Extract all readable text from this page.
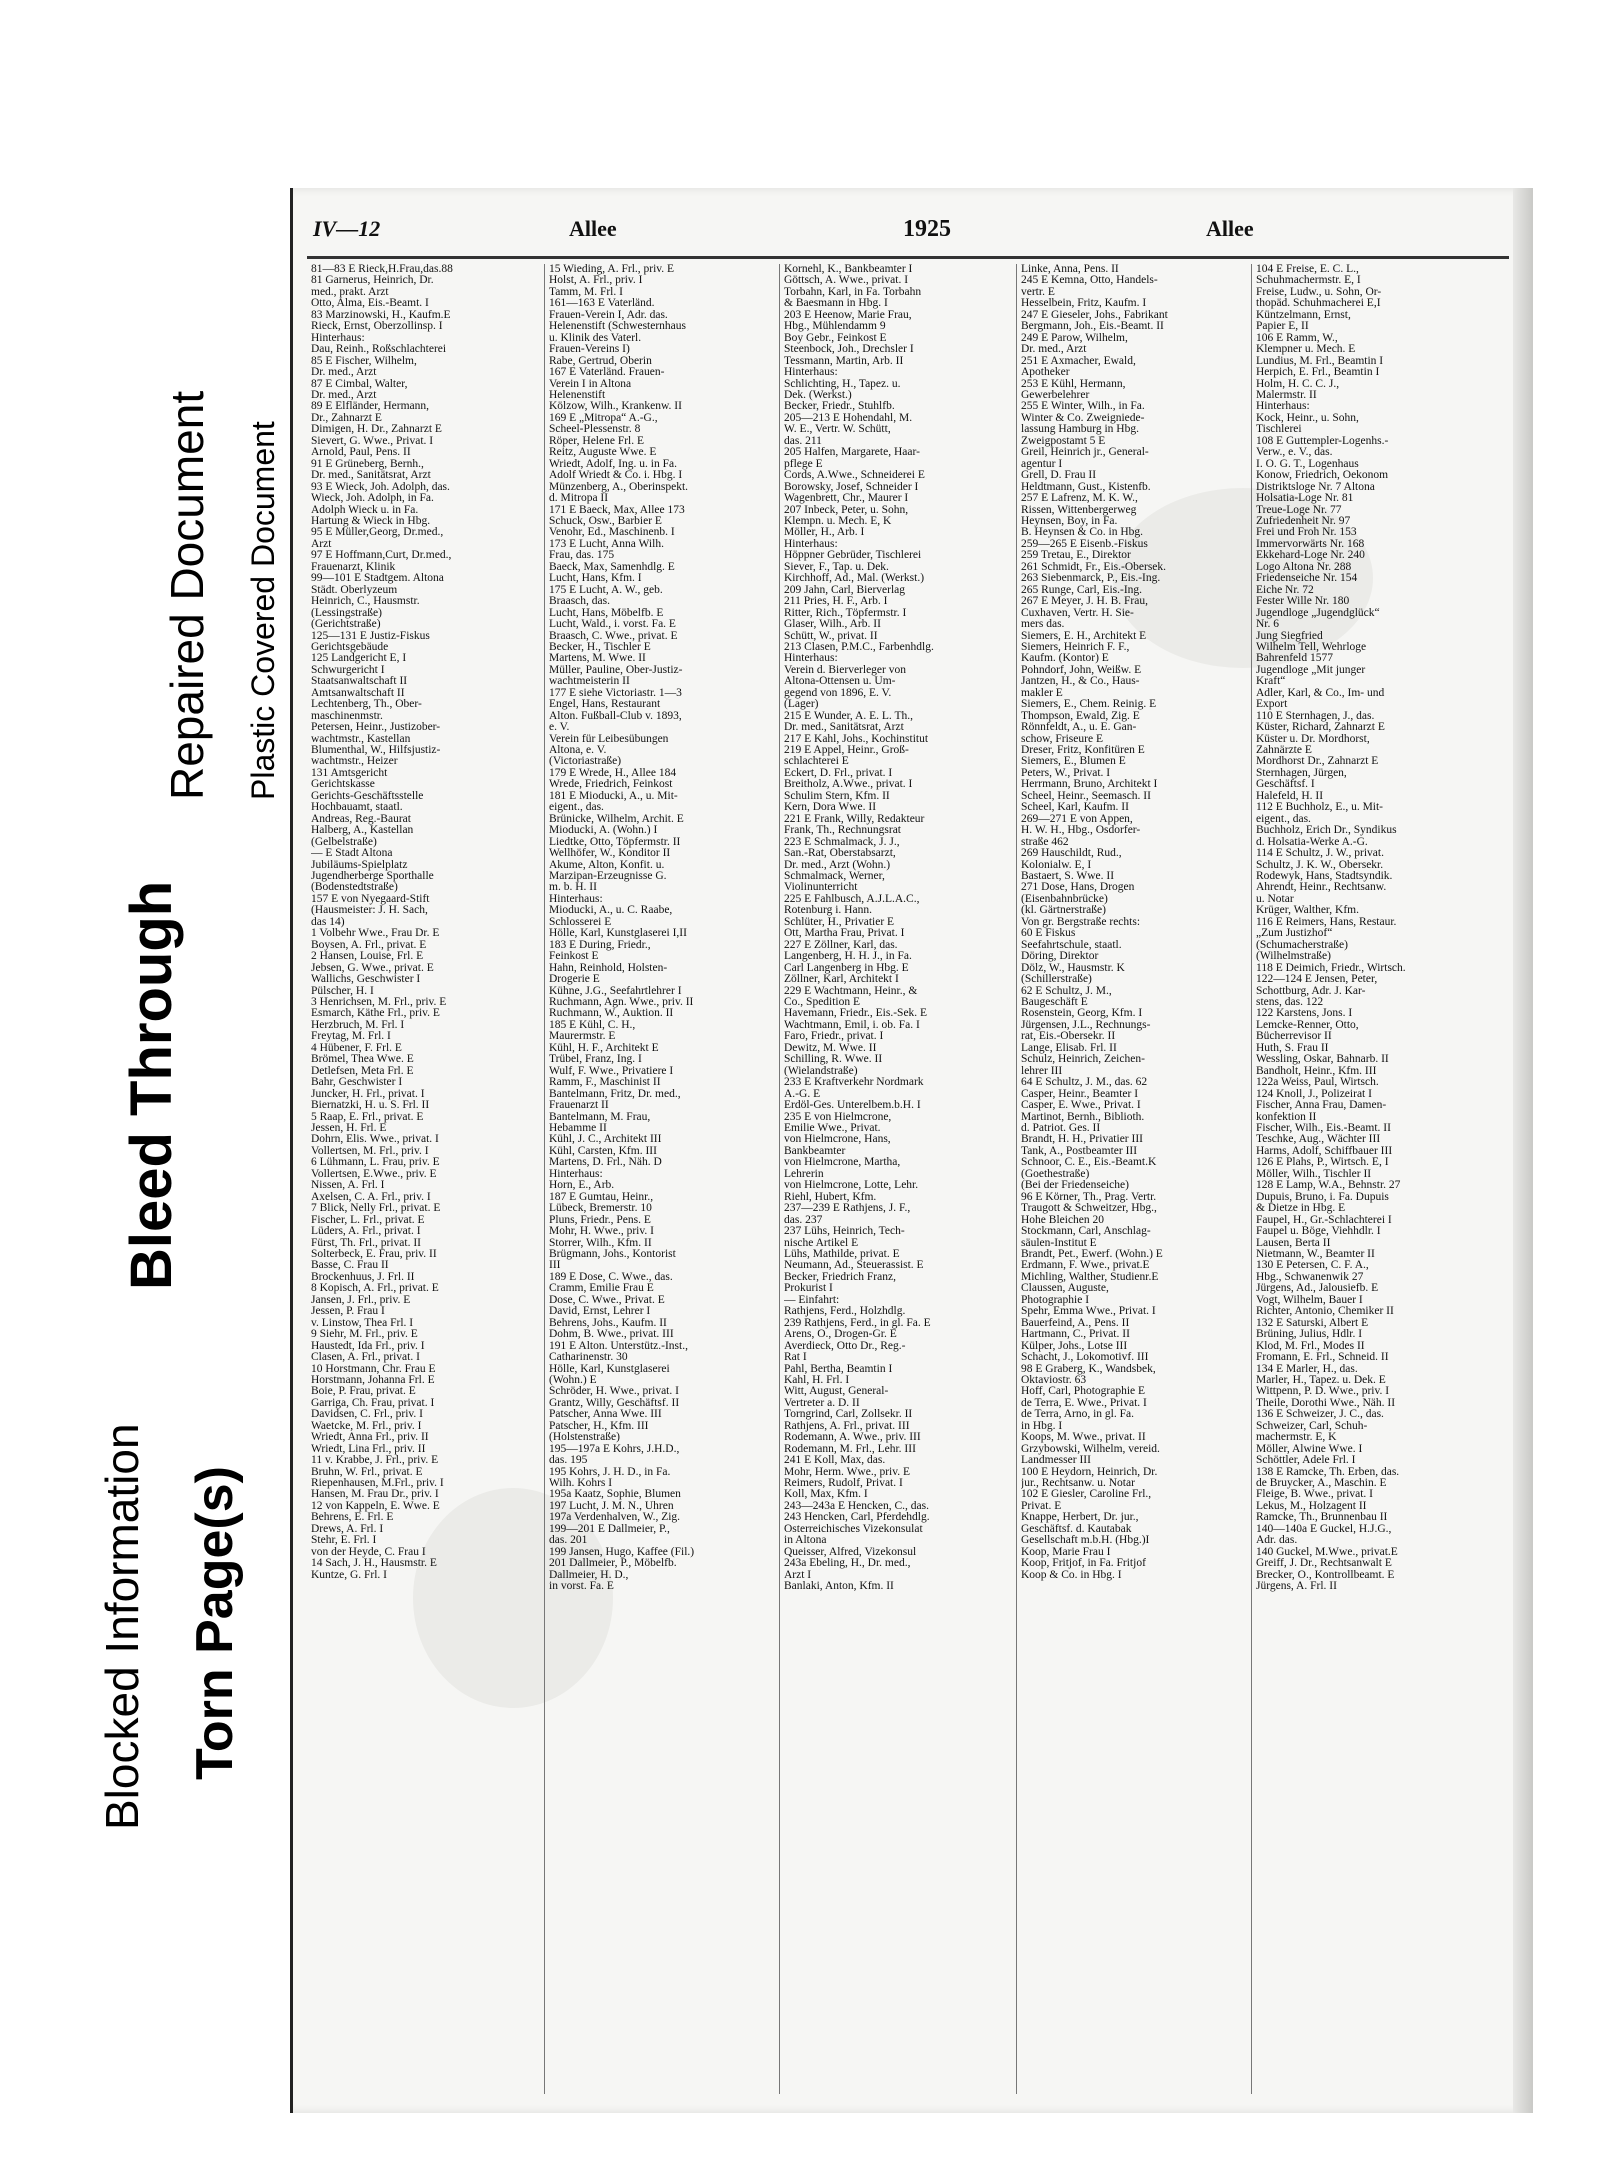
Blocked Information Torn Page(s)
Bleed Through
Repaired Document Plastic Covered Document
IV—12	Allee	1925	Allee
81—83 E Rieck,H.Frau,das.88
81 Garnerus, Heinrich, Dr.
med., prakt. Arzt
Otto, Alma, Eis.-Beamt. I
83 Marzinowski, H., Kaufm.E
Rieck, Ernst, Oberzollinsp. I
Hinterhaus:
Dau, Reinh., Roßschlachterei
85 E Fischer, Wilhelm,
Dr. med., Arzt
87 E Cimbal, Walter,
Dr. med., Arzt
89 E Elfländer, Hermann,
Dr., Zahnarzt E
Dimigen, H. Dr., Zahnarzt E
Sievert, G. Wwe., Privat. I
Arnold, Paul, Pens. II
91 E Grüneberg, Bernh.,
Dr. med., Sanitätsrat, Arzt
93 E Wieck, Joh. Adolph, das.
Wieck, Joh. Adolph, in Fa.
Adolph Wieck u. in Fa.
Hartung & Wieck in Hbg.
95 E Müller,Georg, Dr.med.,
Arzt
97 E Hoffmann,Curt, Dr.med.,
Frauenarzt, Klinik
99—101 E Stadtgem. Altona
Städt. Oberlyzeum
Heinrich, C., Hausmstr.
(Lessingstraße)
(Gerichtstraße)
125—131 E Justiz-Fiskus
Gerichtsgebäude
125 Landgericht E, I
Schwurgericht I
Staatsanwaltschaft II
Amtsanwaltschaft II
Lechtenberg, Th., Ober-
maschinenmstr.
Petersen, Heinr., Justizober-
wachtmstr., Kastellan
Blumenthal, W., Hilfsjustiz-
wachtmstr., Heizer
131 Amtsgericht
Gerichtskasse
Gerichts-Geschäftsstelle
Hochbauamt, staatl.
Andreas, Reg.-Baurat
Halberg, A., Kastellan
(Gelbelstraße)
— E Stadt Altona
Jubiläums-Spielplatz
Jugendherberge Sporthalle
(Bodenstedtstraße)
157 E von Nyegaard-Stift
(Hausmeister: J. H. Sach,
das 14)
1 Volbehr Wwe., Frau Dr. E
Boysen, A. Frl., privat. E
2 Hansen, Louise, Frl. E
Jebsen, G. Wwe., privat. E
Wallichs, Geschwister I
Pülscher, H. I
3 Henrichsen, M. Frl., priv. E
Esmarch, Käthe Frl., priv. E
Herzbruch, M. Frl. I
Freytag, M. Frl. I
4 Hübener, F. Frl. E
Brömel, Thea Wwe. E
Detlefsen, Meta Frl. E
Bahr, Geschwister I
Juncker, H. Frl., privat. I
Biernatzki, H. u. S. Frl. II
5 Raap, E. Frl., privat. E
Jessen, H. Frl. E
Dohrn, Elis. Wwe., privat. I
Vollertsen, M. Frl., priv. I
6 Lühmann, L. Frau, priv. E
Vollertsen, E.Wwe., priv. E
Nissen, A. Frl. I
Axelsen, C. A. Frl., priv. I
7 Blick, Nelly Frl., privat. E
Fischer, L. Frl., privat. E
Lüders, A. Frl., privat. I
Fürst, Th. Frl., privat. II
Solterbeck, E. Frau, priv. II
Basse, C. Frau II
Brockenhuus, J. Frl. II
8 Kopisch, A. Frl., privat. E
Jansen, J. Frl., priv. E
Jessen, P. Frau I
v. Linstow, Thea Frl. I
9 Siehr, M. Frl., priv. E
Haustedt, Ida Frl., priv. I
Clasen, A. Frl., privat. I
10 Horstmann, Chr. Frau E
Horstmann, Johanna Frl. E
Boie, P. Frau, privat. E
Garriga, Ch. Frau, privat. I
Davidsen, C. Frl., priv. I
Waetcke, M. Frl., priv. I
Wriedt, Anna Frl., priv. II
Wriedt, Lina Frl., priv. II
11 v. Krabbe, J. Frl., priv. E
Bruhn, W. Frl., privat. E
Riepenhausen, M.Frl., priv. I
Hansen, M. Frau Dr., priv. I
12 von Kappeln, E. Wwe. E
Behrens, E. Frl. E
Drews, A. Frl. I
Stehr, E. Frl. I
von der Heyde, C. Frau I
14 Sach, J. H., Hausmstr. E
Kuntze, G. Frl. I
15 Wieding, A. Frl., priv. E
Holst, A. Frl., priv. I
Tamm, M. Frl. I
161—163 E Vaterländ.
Frauen-Verein I, Adr. das.
Helenenstift (Schwesternhaus
u. Klinik des Vaterl.
Frauen-Vereins I)
Rabe, Gertrud, Oberin
167 E Vaterländ. Frauen-
Verein I in Altona
Helenenstift
Kölzow, Wilh., Krankenw. II
169 E „Mitropa“ A.-G.,
Scheel-Plessenstr. 8
Röper, Helene Frl. E
Reitz, Auguste Wwe. E
Wriedt, Adolf, Ing. u. in Fa.
Adolf Wriedt & Co. i. Hbg. I
Münzenberg, A., Oberinspekt.
d. Mitropa II
171 E Baeck, Max, Allee 173
Schuck, Osw., Barbier E
Venohr, Ed., Maschinenb. I
173 E Lucht, Anna Wilh.
Frau, das. 175
Baeck, Max, Samenhdlg. E
Lucht, Hans, Kfm. I
175 E Lucht, A. W., geb.
Braasch, das.
Lucht, Hans, Möbelfb. E
Lucht, Wald., i. vorst. Fa. E
Braasch, C. Wwe., privat. E
Becker, H., Tischler E
Martens, M. Wwe. II
Müller, Pauline, Ober-Justiz-
wachtmeisterin II
177 E siehe Victoriastr. 1—3
Engel, Hans, Restaurant
Alton. Fußball-Club v. 1893,
e. V.
Verein für Leibesübungen
Altona, e. V.
(Victoriastraße)
179 E Wrede, H., Allee 184
Wrede, Friedrich, Feinkost
181 E Mioducki, A., u. Mit-
eigent., das.
Brünicke, Wilhelm, Archit. E
Mioducki, A. (Wohn.) I
Liedtke, Otto, Töpfermstr. II
Wellhöfer, W., Konditor II
Akume, Alton, Konfit. u.
Marzipan-Erzeugnisse G.
m. b. H. II
Hinterhaus:
Mioducki, A., u. C. Raabe,
Schlosserei E
Hölle, Karl, Kunstglaserei I,II
183 E During, Friedr.,
Feinkost E
Hahn, Reinhold, Holsten-
Drogerie E
Kühne, J.G., Seefahrtlehrer I
Ruchmann, Agn. Wwe., priv. II
Ruchmann, W., Auktion. II
185 E Kühl, C. H.,
Maurermstr. E
Kühl, H. F., Architekt E
Trübel, Franz, Ing. I
Wulf, F. Wwe., Privatiere I
Ramm, F., Maschinist II
Bantelmann, Fritz, Dr. med.,
Frauenarzt II
Bantelmann, M. Frau,
Hebamme II
Kühl, J. C., Architekt III
Kühl, Carsten, Kfm. III
Martens, D. Frl., Näh. D
Hinterhaus:
Horn, E., Arb.
187 E Gumtau, Heinr.,
Lübeck, Bremerstr. 10
Pluns, Friedr., Pens. E
Mohr, H. Wwe., priv. I
Storrer, Wilh., Kfm. II
Brügmann, Johs., Kontorist
III
189 E Dose, C. Wwe., das.
Cramm, Emilie Frau E
Dose, C. Wwe., Privat. E
David, Ernst, Lehrer I
Behrens, Johs., Kaufm. II
Dohm, B. Wwe., privat. III
191 E Alton. Unterstütz.-Inst.,
Catharinenstr. 30
Hölle, Karl, Kunstglaserei
(Wohn.) E
Schröder, H. Wwe., privat. I
Grantz, Willy, Geschäftsf. II
Patscher, Anna Wwe. III
Patscher, H., Kfm. III
(Holstenstraße)
195—197a E Kohrs, J.H.D.,
das. 195
195 Kohrs, J. H. D., in Fa.
Wilh. Kohrs I
195a Kaatz, Sophie, Blumen
197 Lucht, J. M. N., Uhren
197a Verdenhalven, W., Zig.
199—201 E Dallmeier, P.,
das. 201
199 Jansen, Hugo, Kaffee (Fil.)
201 Dallmeier, P., Möbelfb.
Dallmeier, H. D.,
in vorst. Fa. E
Kornehl, K., Bankbeamter I
Göttsch, A. Wwe., privat. I
Torbahn, Karl, in Fa. Torbahn
& Baesmann in Hbg. I
203 E Heenow, Marie Frau,
Hbg., Mühlendamm 9
Boy Gebr., Feinkost E
Steenbock, Joh., Drechsler I
Tessmann, Martin, Arb. II
Hinterhaus:
Schlichting, H., Tapez. u.
Dek. (Werkst.)
Becker, Friedr., Stuhlfb.
205—213 E Hohendahl, M.
W. E., Vertr. W. Schütt,
das. 211
205 Halfen, Margarete, Haar-
pflege E
Cords, A.Wwe., Schneiderei E
Borowsky, Josef, Schneider I
Wagenbrett, Chr., Maurer I
207 Inbeck, Peter, u. Sohn,
Klempn. u. Mech. E, K
Möller, H., Arb. I
Hinterhaus:
Höppner Gebrüder, Tischlerei
Siever, F., Tap. u. Dek.
Kirchhoff, Ad., Mal. (Werkst.)
209 Jahn, Carl, Bierverlag
211 Pries, H. F., Arb. I
Ritter, Rich., Töpfermstr. I
Glaser, Wilh., Arb. II
Schütt, W., privat. II
213 Clasen, P.M.C., Farbenhdlg.
Hinterhaus:
Verein d. Bierverleger von
Altona-Ottensen u. Um-
gegend von 1896, E. V.
(Lager)
215 E Wunder, A. E. L. Th.,
Dr. med., Sanitätsrat, Arzt
217 E Kahl, Johs., Kochinstitut
219 E Appel, Heinr., Groß-
schlachterei E
Eckert, D. Frl., privat. I
Breitholz, A.Wwe., privat. I
Schulim Stern, Kfm. II
Kern, Dora Wwe. II
221 E Frank, Willy, Redakteur
Frank, Th., Rechnungsrat
223 E Schmalmack, J. J.,
San.-Rat, Oberstabsarzt,
Dr. med., Arzt (Wohn.)
Schmalmack, Werner,
Violinunterricht
225 E Fahlbusch, A.J.L.A.C.,
Rotenburg i. Hann.
Schlüter, H., Privatier E
Ott, Martha Frau, Privat. I
227 E Zöllner, Karl, das.
Langenberg, H. H. J., in Fa.
Carl Langenberg in Hbg. E
Zöllner, Karl, Architekt I
229 E Wachtmann, Heinr., &
Co., Spedition E
Havemann, Friedr., Eis.-Sek. E
Wachtmann, Emil, i. ob. Fa. I
Faro, Friedr., privat. I
Dewitz, M. Wwe. II
Schilling, R. Wwe. II
(Wielandstraße)
233 E Kraftverkehr Nordmark
A.-G. E
Erdöl-Ges. Unterelbem.b.H. I
235 E von Hielmcrone,
Emilie Wwe., Privat.
von Hielmcrone, Hans,
Bankbeamter
von Hielmcrone, Martha,
Lehrerin
von Hielmcrone, Lotte, Lehr.
Riehl, Hubert, Kfm.
237—239 E Rathjens, J. F.,
das. 237
237 Lühs, Heinrich, Tech-
nische Artikel E
Lühs, Mathilde, privat. E
Neumann, Ad., Steuerassist. E
Becker, Friedrich Franz,
Prokurist I
— Einfahrt:
Rathjens, Ferd., Holzhdlg.
239 Rathjens, Ferd., in gl. Fa. E
Arens, O., Drogen-Gr. E
Averdieck, Otto Dr., Reg.-
Rat I
Pahl, Bertha, Beamtin I
Kahl, H. Frl. I
Witt, August, General-
Vertreter a. D. II
Torngrind, Carl, Zollsekr. II
Rathjens, A. Frl., privat. III
Rodemann, A. Wwe., priv. III
Rodemann, M. Frl., Lehr. III
241 E Koll, Max, das.
Mohr, Herm. Wwe., priv. E
Reimers, Rudolf, Privat. I
Koll, Max, Kfm. I
243—243a E Hencken, C., das.
243 Hencken, Carl, Pferdehdlg.
Österreichisches Vizekonsulat
in Altona
Queisser, Alfred, Vizekonsul
243a Ebeling, H., Dr. med.,
Arzt I
Banlaki, Anton, Kfm. II
Linke, Anna, Pens. II
245 E Kemna, Otto, Handels-
vertr. E
Hesselbein, Fritz, Kaufm. I
247 E Gieseler, Johs., Fabrikant
Bergmann, Joh., Eis.-Beamt. II
249 E Parow, Wilhelm,
Dr. med., Arzt
251 E Axmacher, Ewald,
Apotheker
253 E Kühl, Hermann,
Gewerbelehrer
255 E Winter, Wilh., in Fa.
Winter & Co. Zweigniede-
lassung Hamburg in Hbg.
Zweigpostamt 5 E
Greil, Heinrich jr., General-
agentur I
Grell, D. Frau II
Heldtmann, Gust., Kistenfb.
257 E Lafrenz, M. K. W.,
Rissen, Wittenbergerweg
Heynsen, Boy, in Fa.
B. Heynsen & Co. in Hbg.
259—265 E Eisenb.-Fiskus
259 Tretau, E., Direktor
261 Schmidt, Fr., Eis.-Obersek.
263 Siebenmarck, P., Eis.-Ing.
265 Runge, Carl, Eis.-Ing.
267 E Meyer, J. H. B. Frau,
Cuxhaven, Vertr. H. Sie-
mers das.
Siemers, E. H., Architekt E
Siemers, Heinrich F. F.,
Kaufm. (Kontor) E
Pohndorf, John, Weißw. E
Jantzen, H., & Co., Haus-
makler E
Siemers, E., Chem. Reinig. E
Thompson, Ewald, Zig. E
Rönnfeldt, A., u. E. Gan-
schow, Friseure E
Dreser, Fritz, Konfitüren E
Siemers, E., Blumen E
Peters, W., Privat. I
Herrmann, Bruno, Architekt I
Scheel, Heinr., Seemasch. II
Scheel, Karl, Kaufm. II
269—271 E von Appen,
H. W. H., Hbg., Osdorfer-
straße 462
269 Hauschildt, Rud.,
Kolonialw. E, I
Bastaert, S. Wwe. II
271 Dose, Hans, Drogen
(Eisenbahnbrücke)
(kl. Gärtnerstraße)
Von gr. Bergstraße rechts:
60 E Fiskus
Seefahrtschule, staatl.
Döring, Direktor
Dölz, W., Hausmstr. K
(Schillerstraße)
62 E Schultz, J. M.,
Baugeschäft E
Rosenstein, Georg, Kfm. I
Jürgensen, J.L., Rechnungs-
rat, Eis.-Obersekr. II
Lange, Elisab. Frl. II
Schulz, Heinrich, Zeichen-
lehrer III
64 E Schultz, J. M., das. 62
Casper, Heinr., Beamter I
Casper, E. Wwe., Privat. I
Martinot, Bernh., Biblioth.
d. Patriot. Ges. II
Brandt, H. H., Privatier III
Tank, A., Postbeamter III
Schnoor, C. E., Eis.-Beamt.K
(Goethestraße)
(Bei der Friedenseiche)
96 E Körner, Th., Prag. Vertr.
Traugott & Schweitzer, Hbg.,
Hohe Bleichen 20
Stockmann, Carl, Anschlag-
säulen-Institut E
Brandt, Pet., Ewerf. (Wohn.) E
Erdmann, F. Wwe., privat.E
Michling, Walther, Studienr.E
Claussen, Auguste,
Photographie I
Spehr, Emma Wwe., Privat. I
Bauerfeind, A., Pens. II
Hartmann, C., Privat. II
Külper, Johs., Lotse III
Schacht, J., Lokomotivf. III
98 E Graberg, K., Wandsbek,
Oktaviostr. 63
Hoff, Carl, Photographie E
de Terra, E. Wwe., Privat. I
de Terra, Arno, in gl. Fa.
in Hbg. I
Koops, M. Wwe., privat. II
Grzybowski, Wilhelm, vereid.
Landmesser III
100 E Heydorn, Heinrich, Dr.
jur., Rechtsanw. u. Notar
102 E Giesler, Caroline Frl.,
Privat. E
Knappe, Herbert, Dr. jur.,
Geschäftsf. d. Kautabak
Gesellschaft m.b.H. (Hbg.)I
Koop, Marie Frau I
Koop, Fritjof, in Fa. Fritjof
Koop & Co. in Hbg. I
104 E Freise, E. C. L.,
Schuhmachermstr. E, I
Freise, Ludw., u. Sohn, Or-
thopäd. Schuhmacherei E,I
Küntzelmann, Ernst,
Papier E, II
106 E Ramm, W.,
Klempner u. Mech. E
Lundius, M. Frl., Beamtin I
Herpich, E. Frl., Beamtin I
Holm, H. C. C. J.,
Malermstr. II
Hinterhaus:
Kock, Heinr., u. Sohn,
Tischlerei
108 E Guttempler-Logenhs.-
Verw., e. V., das.
I. O. G. T., Logenhaus
Konow, Friedrich, Oekonom
Distriktsloge Nr. 7 Altona
Holsatia-Loge Nr. 81
Treue-Loge Nr. 77
Zufriedenheit Nr. 97
Frei und Froh Nr. 153
Immervorwärts Nr. 168
Ekkehard-Loge Nr. 240
Logo Altona Nr. 288
Friedenseiche Nr. 154
Eiche Nr. 72
Fester Wille Nr. 180
Jugendloge „Jugendglück“
Nr. 6
Jung Siegfried
Wilhelm Tell, Wehrloge
Bahrenfeld 1577
Jugendloge „Mit junger
Kraft“
Adler, Karl, & Co., Im- und
Export
110 E Sternhagen, J., das.
Küster, Richard, Zahnarzt E
Küster u. Dr. Mordhorst,
Zahnärzte E
Mordhorst Dr., Zahnarzt E
Sternhagen, Jürgen,
Geschäftsf. I
Halefeld, H. II
112 E Buchholz, E., u. Mit-
eigent., das.
Buchholz, Erich Dr., Syndikus
d. Holsatia-Werke A.-G.
114 E Schultz, J. W., privat.
Schultz, J. K. W., Obersekr.
Rodewyk, Hans, Stadtsyndik.
Ahrendt, Heinr., Rechtsanw.
u. Notar
Krüger, Walther, Kfm.
116 E Reimers, Hans, Restaur.
„Zum Justizhof“
(Schumacherstraße)
(Wilhelmstraße)
118 E Deimich, Friedr., Wirtsch.
122—124 E Jensen, Peter,
Schottburg, Adr. J. Kar-
stens, das. 122
122 Karstens, Jons. I
Lemcke-Renner, Otto,
Bücherrevisor II
Huth, S. Frau II
Wessling, Oskar, Bahnarb. II
Bandholt, Heinr., Kfm. III
122a Weiss, Paul, Wirtsch.
124 Knoll, J., Polizeirat I
Fischer, Anna Frau, Damen-
konfektion II
Fischer, Wilh., Eis.-Beamt. II
Teschke, Aug., Wächter III
Harms, Adolf, Schiffbauer III
126 E Plahs, P., Wirtsch. E, I
Möller, Wilh., Tischler II
128 E Lamp, W.A., Behnstr. 27
Dupuis, Bruno, i. Fa. Dupuis
& Dietze in Hbg. E
Faupel, H., Gr.-Schlachterei I
Faupel u. Böge, Viehhdlr. I
Lausen, Berta II
Nietmann, W., Beamter II
130 E Petersen, C. F. A.,
Hbg., Schwanenwik 27
Jürgens, Ad., Jalousiefb. E
Vogt, Wilhelm, Bauer I
Richter, Antonio, Chemiker II
132 E Saturski, Albert E
Brüning, Julius, Hdlr. I
Klod, M. Frl., Modes II
Fromann, E. Frl., Schneid. II
134 E Marler, H., das.
Marler, H., Tapez. u. Dek. E
Wittpenn, P. D. Wwe., priv. I
Theile, Dorothi Wwe., Näh. II
136 E Schweizer, J. C., das.
Schweizer, Carl, Schuh-
machermstr. E, K
Möller, Alwine Wwe. I
Schöttler, Adele Frl. I
138 E Ramcke, Th. Erben, das.
de Bruycker, A., Maschin. E
Fleige, B. Wwe., privat. I
Lekus, M., Holzagent II
Ramcke, Th., Brunnenbau II
140—140a E Guckel, H.J.G.,
Adr. das.
140 Guckel, M.Wwe., privat.E
Greiff, J. Dr., Rechtsanwalt E
Brecker, O., Kontrollbeamt. E
Jürgens, A. Frl. II
